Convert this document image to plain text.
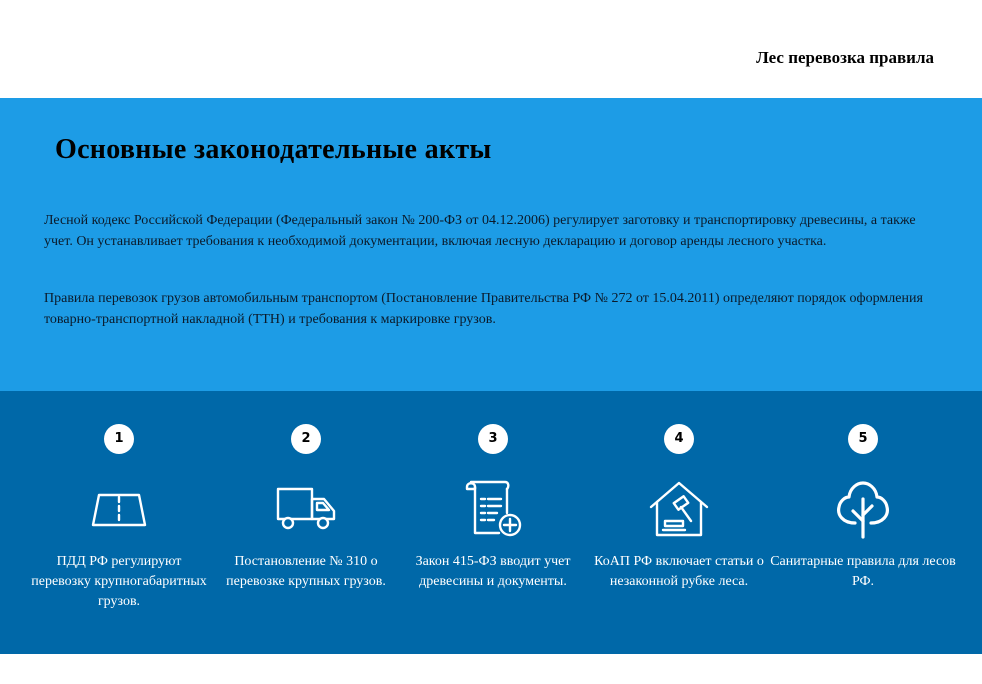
Лес перевозка правила
Основные законодательные акты

Лесной кодекс Российской Федерации (Федеральный закон № 200-ФЗ от 04.12.2006) регулирует заготовку и транспортировку древесины, а также учет. Он устанавливает требования к необходимой документации, включая лесную декларацию и договор аренды лесного участка.

Правила перевозок грузов автомобильным транспортом (Постановление Правительства РФ № 272 от 15.04.2011) определяют порядок оформления товарно-транспортной накладной (ТТН) и требования к маркировке грузов.

1
ПДД РФ регулируют перевозку крупногабаритных грузов.
2
Постановление № 310 о перевозке крупных грузов.
3
Закон 415-ФЗ вводит учет древесины и документы.
4
КоАП РФ включает статьи о незаконной рубке леса.
5
Санитарные правила для лесов РФ.
